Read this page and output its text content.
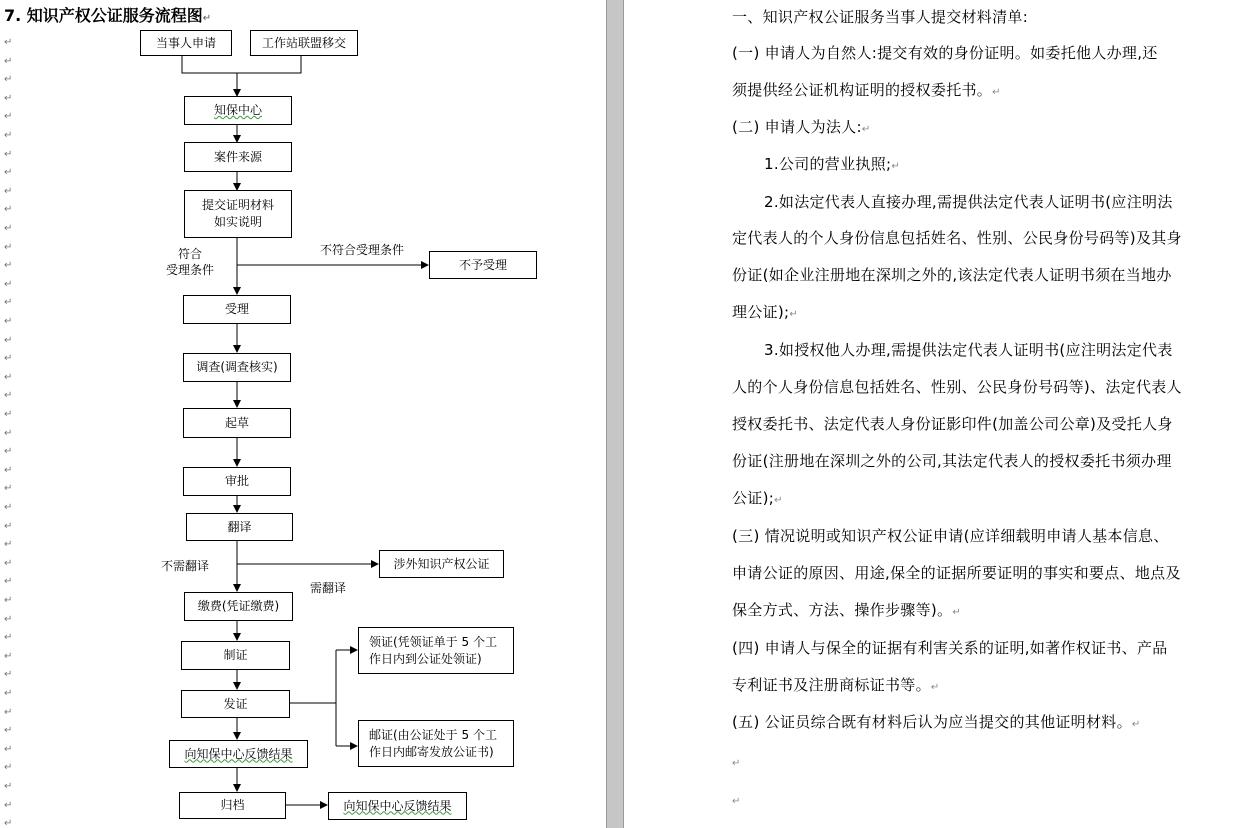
7. 知识产权公证服务流程图↵
↵
↵
↵
↵
↵
↵
↵
↵
↵
↵
↵
↵
↵
↵
↵
↵
↵
↵
↵
↵
↵
↵
↵
↵
↵
↵
↵
↵
↵
↵
↵
↵
↵
↵
↵
↵
↵
↵
↵
↵
↵
↵
↵
当事人申请	工作站联盟移交
知保中心
案件来源
提交证明材料
如实说明
不予受理
受理
调查(调查核实)
起草
审批
翻译
涉外知识产权公证
缴费(凭证缴费)
制证
发证
领证(凭领证单于 5 个工
作日内到公证处领证)
邮证(由公证处于 5 个工
作日内邮寄发放公证书)
向知保中心反馈结果
归档	向知保中心反馈结果
符合
受理条件
不符合受理条件
不需翻译
需翻译
一、知识产权公证服务当事人提交材料清单:
(一) 申请人为自然人:提交有效的身份证明。如委托他人办理,还
须提供经公证机构证明的授权委托书。↵
(二) 申请人为法人:↵
1.公司的营业执照;↵
2.如法定代表人直接办理,需提供法定代表人证明书(应注明法
定代表人的个人身份信息包括姓名、性别、公民身份号码等)及其身
份证(如企业注册地在深圳之外的,该法定代表人证明书须在当地办
理公证);↵
3.如授权他人办理,需提供法定代表人证明书(应注明法定代表
人的个人身份信息包括姓名、性别、公民身份号码等)、法定代表人
授权委托书、法定代表人身份证影印件(加盖公司公章)及受托人身
份证(注册地在深圳之外的公司,其法定代表人的授权委托书须办理
公证);↵
(三) 情况说明或知识产权公证申请(应详细载明申请人基本信息、
申请公证的原因、用途,保全的证据所要证明的事实和要点、地点及
保全方式、方法、操作步骤等)。↵
(四) 申请人与保全的证据有利害关系的证明,如著作权证书、产品
专利证书及注册商标证书等。↵
(五) 公证员综合既有材料后认为应当提交的其他证明材料。↵
↵
↵
